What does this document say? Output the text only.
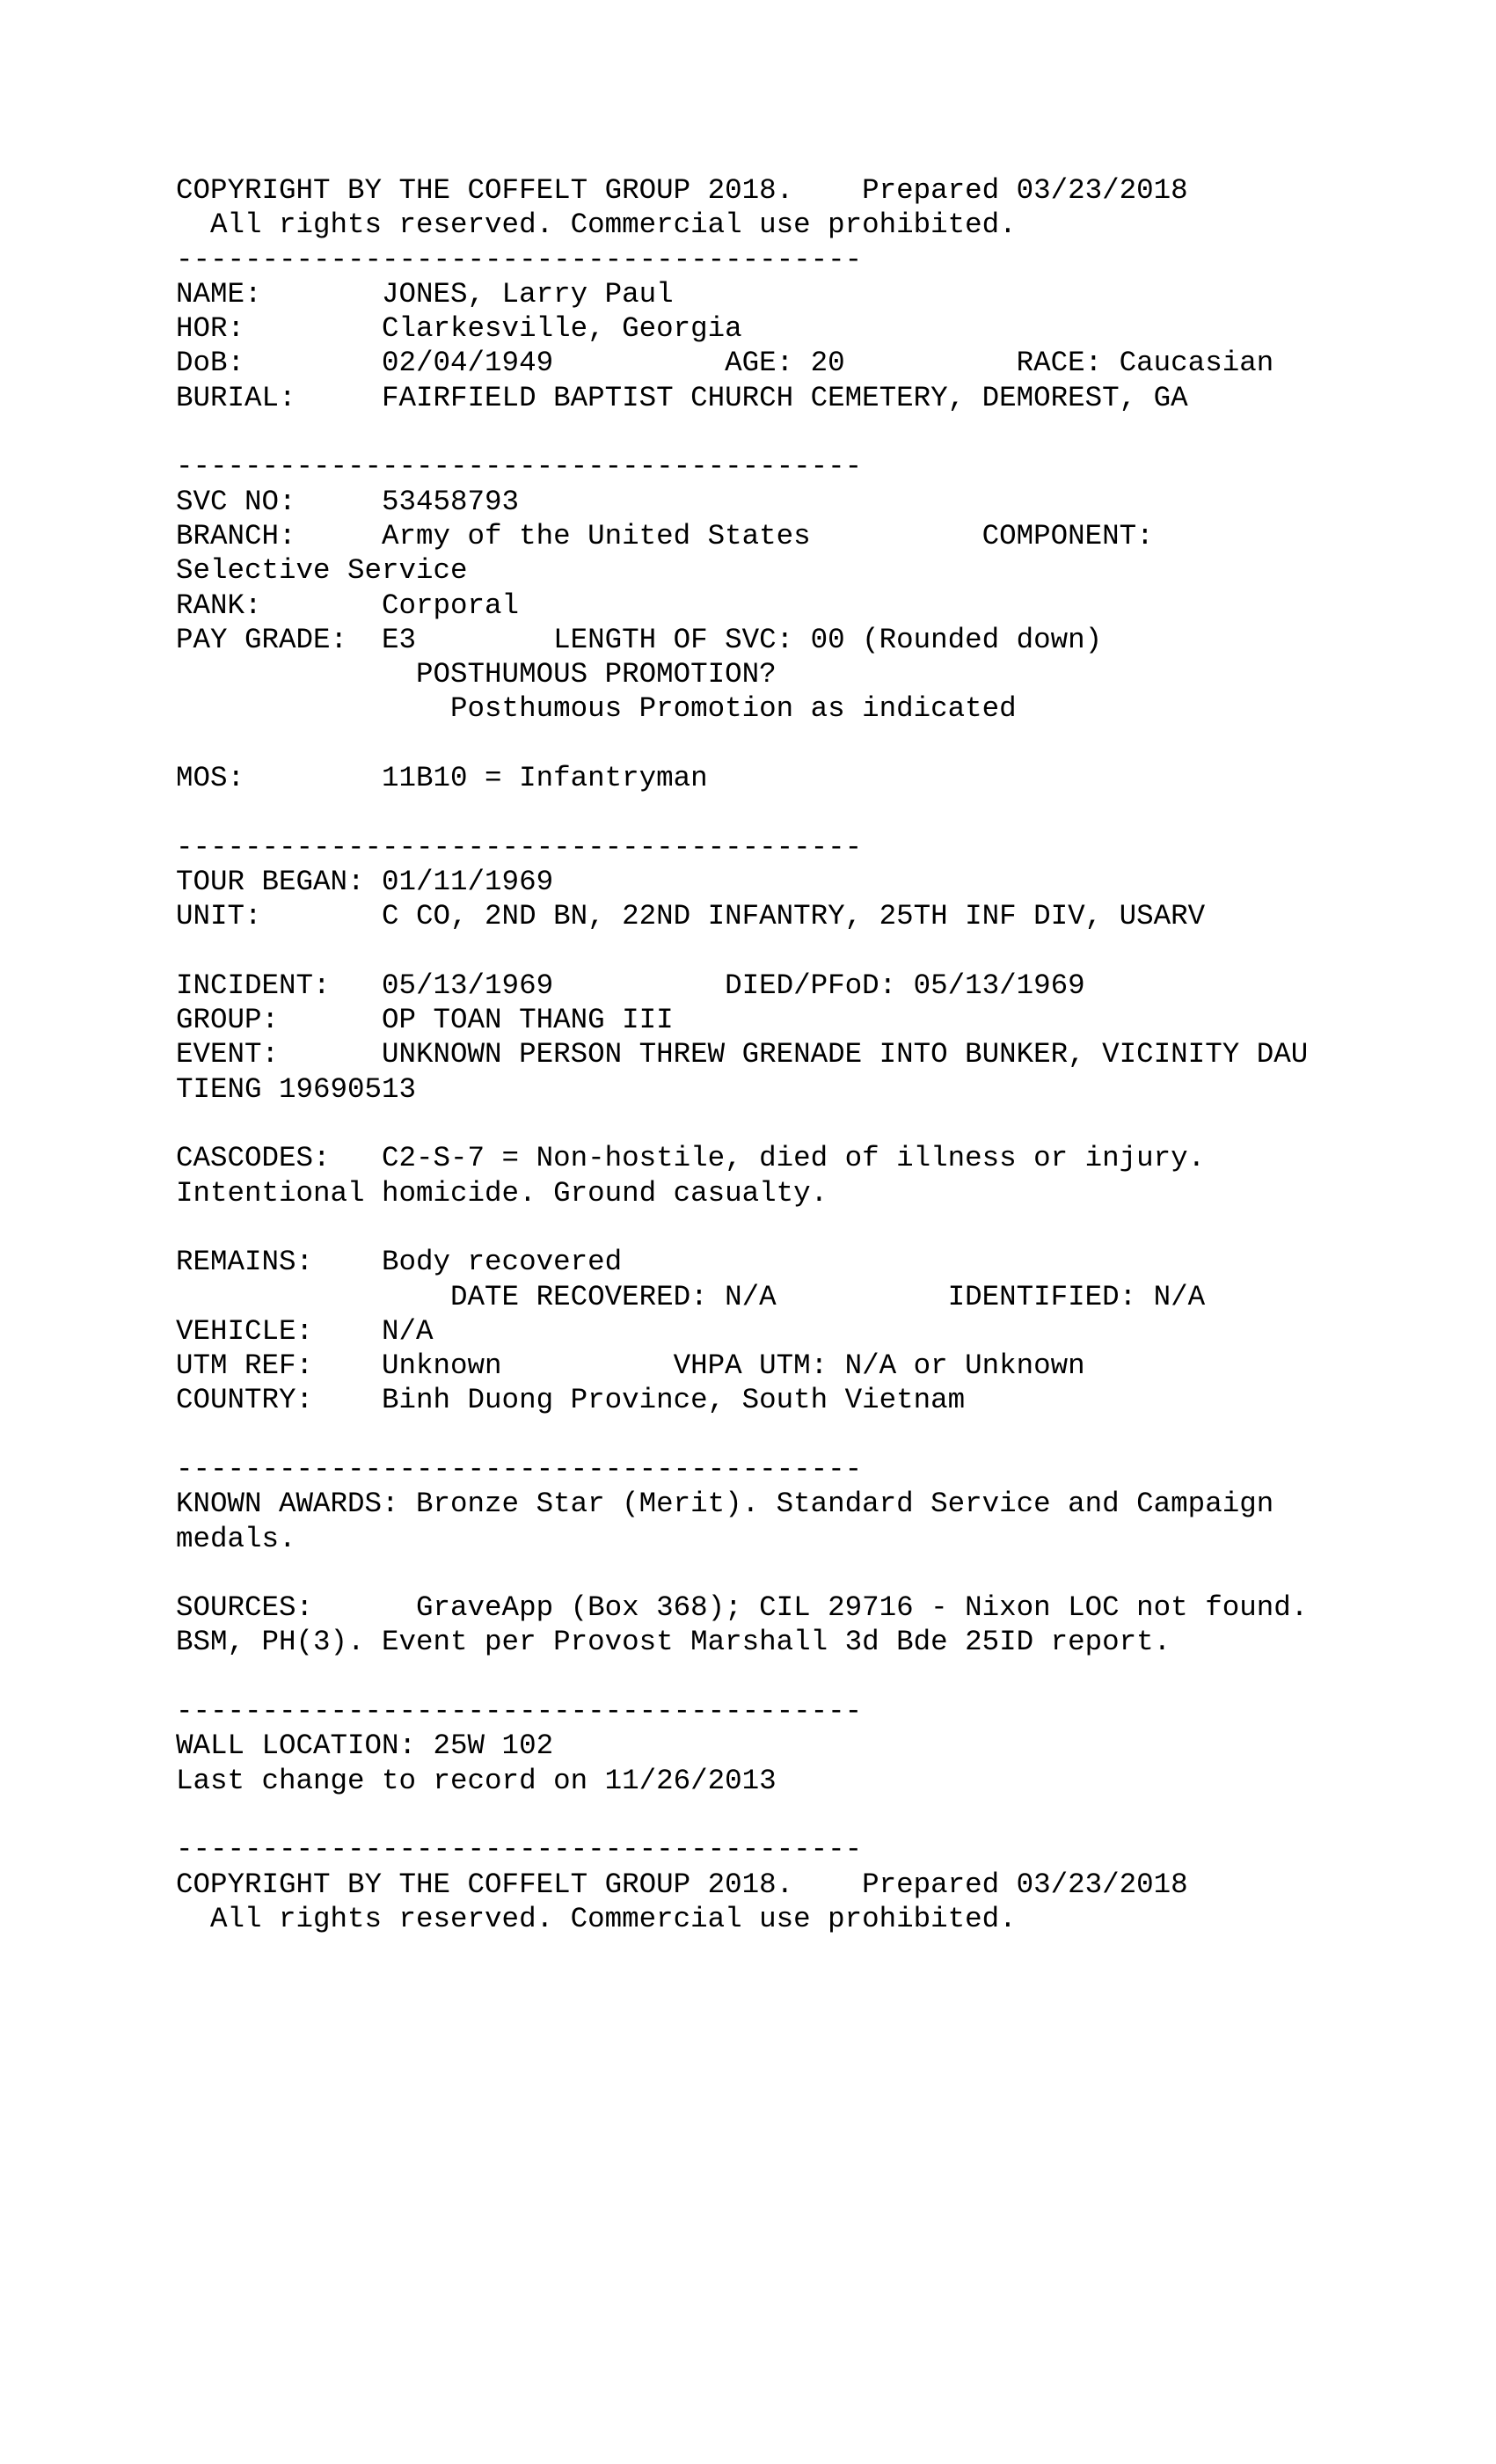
COPYRIGHT BY THE COFFELT GROUP 2018.    Prepared 03/23/2018
All rights reserved. Commercial use prohibited.
----------------------------------------
NAME:       JONES, Larry Paul
HOR:        Clarkesville, Georgia
DoB:        02/04/1949          AGE: 20          RACE: Caucasian
BURIAL:     FAIRFIELD BAPTIST CHURCH CEMETERY, DEMOREST, GA

----------------------------------------
SVC NO:     53458793
BRANCH:     Army of the United States          COMPONENT:
Selective Service
RANK:       Corporal
PAY GRADE:  E3        LENGTH OF SVC: 00 (Rounded down)
POSTHUMOUS PROMOTION?
Posthumous Promotion as indicated

MOS:        11B10 = Infantryman

----------------------------------------
TOUR BEGAN: 01/11/1969
UNIT:       C CO, 2ND BN, 22ND INFANTRY, 25TH INF DIV, USARV

INCIDENT:   05/13/1969          DIED/PFoD: 05/13/1969
GROUP:      OP TOAN THANG III
EVENT:      UNKNOWN PERSON THREW GRENADE INTO BUNKER, VICINITY DAU
TIENG 19690513

CASCODES:   C2-S-7 = Non-hostile, died of illness or injury.
Intentional homicide. Ground casualty.

REMAINS:    Body recovered
DATE RECOVERED: N/A          IDENTIFIED: N/A
VEHICLE:    N/A
UTM REF:    Unknown          VHPA UTM: N/A or Unknown
COUNTRY:    Binh Duong Province, South Vietnam

----------------------------------------
KNOWN AWARDS: Bronze Star (Merit). Standard Service and Campaign
medals.

SOURCES:      GraveApp (Box 368); CIL 29716 - Nixon LOC not found.
BSM, PH(3). Event per Provost Marshall 3d Bde 25ID report.

----------------------------------------
WALL LOCATION: 25W 102
Last change to record on 11/26/2013

----------------------------------------
COPYRIGHT BY THE COFFELT GROUP 2018.    Prepared 03/23/2018
All rights reserved. Commercial use prohibited.
